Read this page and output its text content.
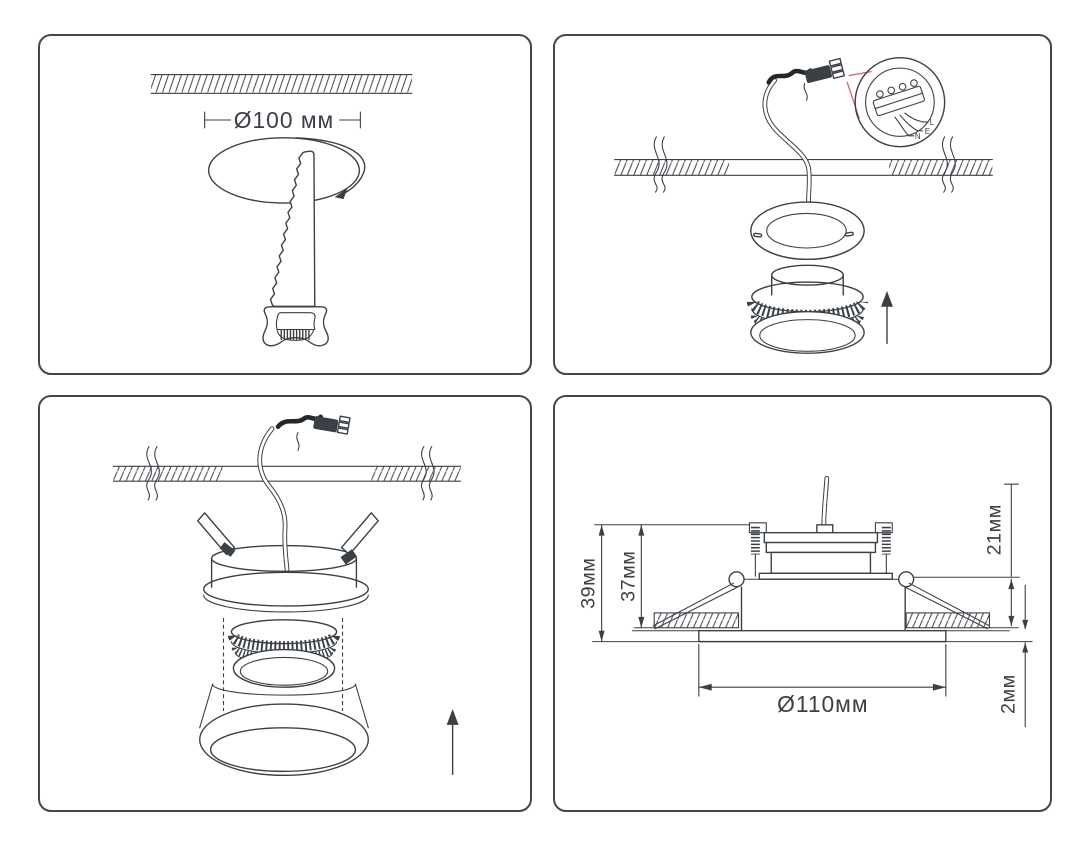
Ø100 мм	L
E
N
39мм 37мм
21мм
2мм
Ø110мм
